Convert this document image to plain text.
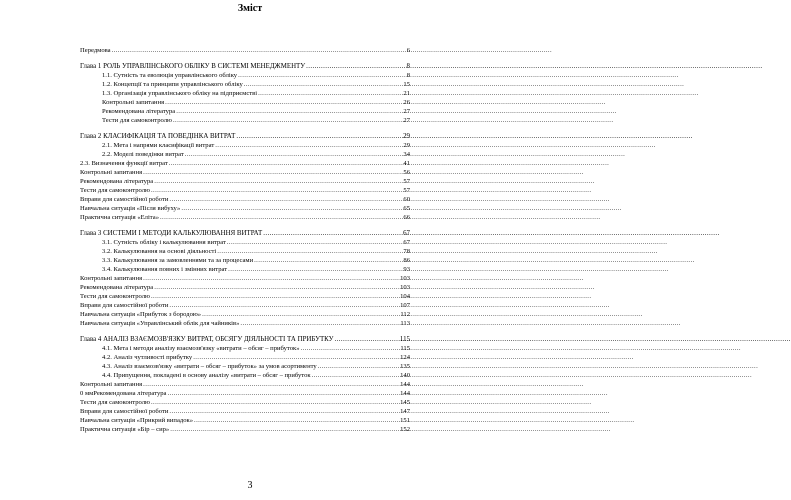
Зміст
Передмова .....	6
Глава 1 РОЛЬ УПРАВЛІНСЬКОГО ОБЛІКУ В СИСТЕМІ МЕНЕДЖМЕНТУ .....	8
1.1. Сутність та еволюція управлінського обліку .....	8
1.2. Концепції та принципи управлінського обліку .....	15
1.3. Організація управлінського обліку на підприємстві .....	21
Контрольні запитання .....	26
Рекомендована література .....	27
Тести для самоконтролю .....	27
Глава 2 КЛАСИФІКАЦІЯ ТА ПОВЕДІНКА ВИТРАТ .....	29
2.1. Мета і напрями класифікації витрат .....	29
2.2. Моделі поведінки витрат .....	34
2.3. Визначення функції витрат .....	41
Контрольні запитання .....	56
Рекомендована література .....	57
Тести для самоконтролю .....	57
Вправи для самостійної роботи .....	60
Навчальна ситуація «Після вибуху» .....	65
Практична ситуація «Еліта» .....	66
Глава 3 СИСТЕМИ І МЕТОДИ КАЛЬКУЛЮВАННЯ ВИТРАТ .....	67
3.1. Сутність обліку і калькулювання витрат .....	67
3.2. Калькулювання на основі діяльності .....	78
3.3. Калькулювання за замовленнями та за процесами .....	86
3.4. Калькулювання повних і змінних витрат .....	93
Контрольні запитання .....	103
Рекомендована література .....	103
Тести для самоконтролю .....	104
Вправи для самостійної роботи .....	107
Навчальна ситуація «Прибуток з бородою» .....	112
Навчальна ситуація «Управлінський облік для чайників» .....	113
Глава 4 АНАЛІЗ ВЗАЄМОЗВ'ЯЗКУ ВИТРАТ, ОБСЯГУ ДІЯЛЬНОСТІ ТА ПРИБУТКУ .....	115
4.1. Мета і методи аналізу взаємозв'язку «витрати – обсяг – прибуток» .....	115
4.2. Аналіз чутливості прибутку .....	124
4.3. Аналіз взаємозв'язку «витрати – обсяг – прибуток» за умов асортименту .....	135
4.4. Припущення, покладені в основу аналізу «витрати – обсяг – прибуток .....	140
Контрольні запитання .....	144
0 ммРекомендована література .....	144
Тести для самоконтролю .....	145
Вправи для самостійної роботи .....	147
Навчальна ситуація «Прикрий випадок» .....	151
Практична ситуація «Бір – сир» .....	152
3
